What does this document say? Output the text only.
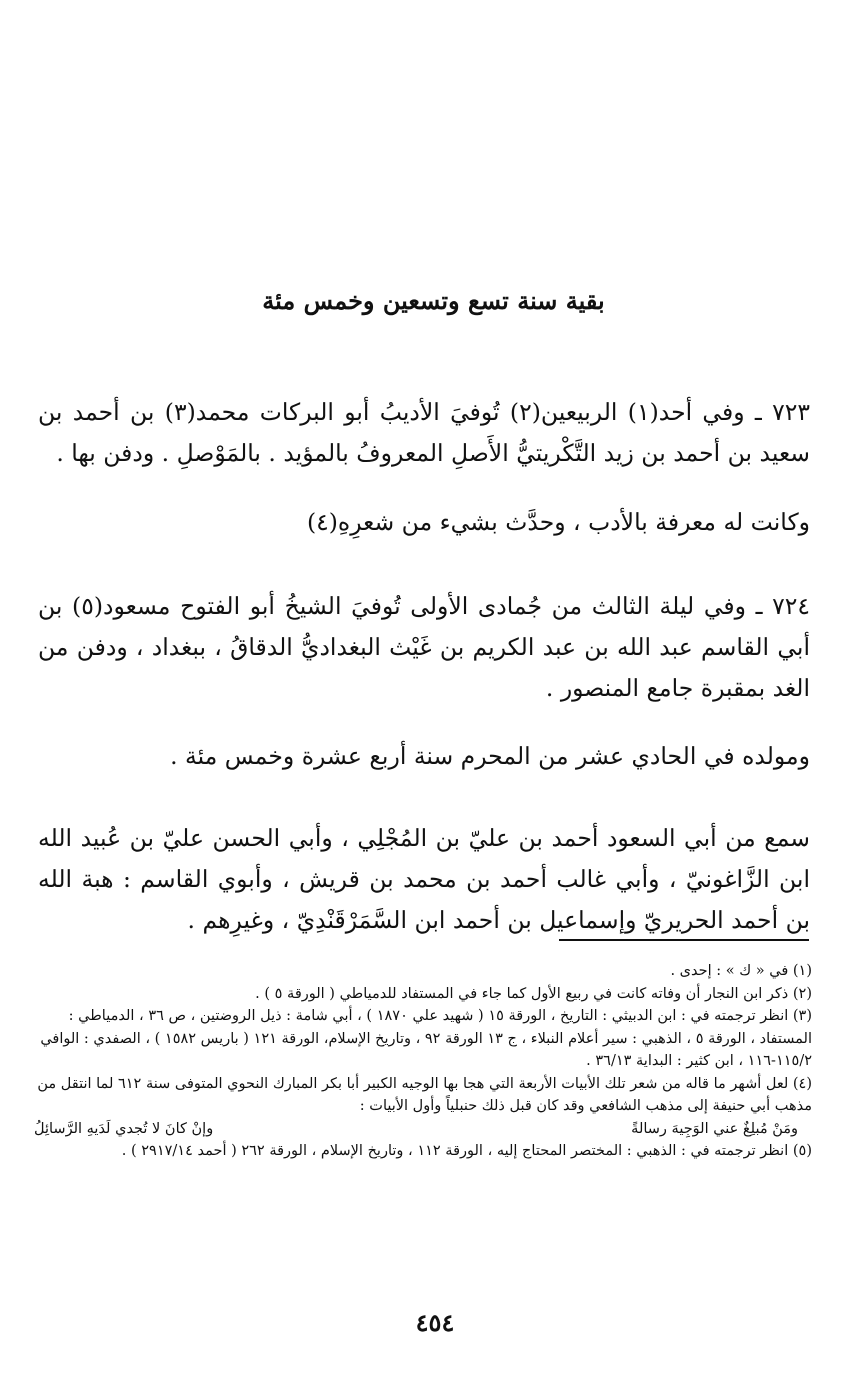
بقية سنة تسع وتسعين وخمس مئة

٧٢٣ ـ وفي أحد(١) الربيعين(٢) تُوفيَ الأديبُ أبو البركات محمد(٣) بن أحمد بن سعيد بن أحمد بن زيد التَّكْريتيُّ الأَصلِ المعروفُ بالمؤيد . بالمَوْصلِ . ودفن بها .

وكانت له معرفة بالأدب ، وحدَّث بشيء من شعرِهِ(٤)

٧٢٤ ـ وفي ليلة الثالث من جُمادى الأولى تُوفيَ الشيخُ أبو الفتوح مسعود(٥) بن أبي القاسم عبد الله بن عبد الكريم بن غَيْث البغداديُّ الدقاقُ ، ببغداد ، ودفن من الغد بمقبرة جامع المنصور .

ومولده في الحادي عشر من المحرم سنة أربع عشرة وخمس مئة .

سمع من أبي السعود أحمد بن عليّ بن المُجْلِي ، وأبي الحسن عليّ بن عُبيد الله ابن الزَّاغونيّ ، وأبي غالب أحمد بن محمد بن قريش ، وأبوي القاسم : هبة الله بن أحمد الحريريّ وإسماعيل بن أحمد ابن السَّمَرْقَنْدِيّ ، وغيرِهم .

(١) في « ك » : إحدى .

(٢) ذكر ابن النجار أن وفاته كانت في ربيع الأول كما جاء في المستفاد للدمياطي ( الورقة ٥ ) .

(٣) انظر ترجمته في : ابن الدبيثي : التاريخ ، الورقة ١٥ ( شهيد علي ١٨٧٠ ) ، أبي شامة : ذيل الروضتين ، ص ٣٦ ، الدمياطي : المستفاد ، الورقة ٥ ، الذهبي : سير أعلام النبلاء ، ج ١٣ الورقة ٩٢ ، وتاريخ الإسلام، الورقة ١٢١ ( باريس ١٥٨٢ ) ، الصفدي : الوافي ١١٥/٢-١١٦ ، ابن كثير : البداية ٣٦/١٣ .

(٤) لعل أشهر ما قاله من شعر تلك الأبيات الأربعة التي هجا بها الوجيه الكبير أبا بكر المبارك النحوي المتوفى سنة ٦١٢ لما انتقل من مذهب أبي حنيفة إلى مذهب الشافعي وقد كان قبل ذلك حنبلياً وأول الأبيات :

ومَنْ مُبلِغٌ عني الوَجِيهَ رسالةً
وإنْ كانَ لا تُجدي لَدَيهِ الرَّسائِلُ

(٥) انظر ترجمته في : الذهبي : المختصر المحتاج إليه ، الورقة ١١٢ ، وتاريخ الإسلام ، الورقة ٢٦٢ ( أحمد ٢٩١٧/١٤ ) .

٤٥٤
